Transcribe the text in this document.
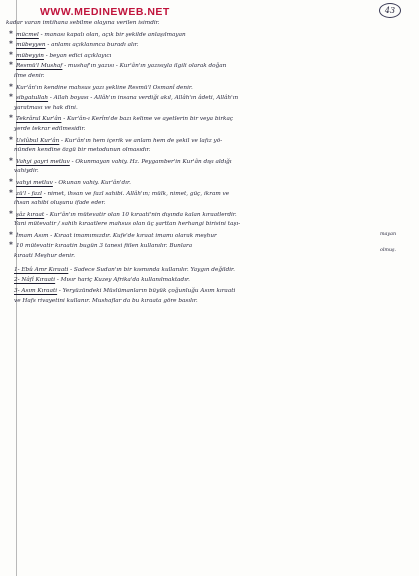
WWW.MEDINEWEB.NET	43
kadar varan imtihana sebilme olayına verilen isimdir.
* mücmel - manası kapalı olan, açık bir şekilde anlaşılmayan
* mübeyyen - anlamı açıklanınca buradı alır.
* mübeyyin - beyan edici açıklayıcı
* Resmü'l Mushaf - mushaf'ın yazısı - Kur'ân'ın yazısıyla ilgili olarak doğan
ilme denir.
* Kur'ân'ın kendine mahsus yazı şekline Resmü'l Osmanî denir.
* sibgatullah - Allah boyası - Allâh'ın insana verdiği akıl, Allâh'ın âdeti, Allâh'ın
yaratması ve hak dini.
* Tekrârul Kur'ân - Kur'ân-ı Kerîm'de bazı kelime ve ayetlerin bir veya birkaç
yerde tekrar edilmesidir.
* Uslûbul Kur'ân - Kur'ân'ın hem içerik ve anlam hem de şekil ve lafız yö-
nünden kendine özgü bir metodunun olmasıdır.
* Vahyi gayri metluv - Okunmayan vahiy. Hz. Peygamber'in Kur'ân dışı aldığı
vahiydir.
* vahyi metluv - Okunan vahiy. Kur'ân'dır.
* zü'l - fazl - nimet, ihsan ve fazl sahibi. Allâh'ın; mülk, nimet, güç, ikram ve
ihsan sahibi oluşunu ifade eder.
* şâz kıraat - Kur'ân'ın mütevatir olan 10 kıraati'nin dışında kalan kıraatlerdir.
Yani mütevatir / sahih kıraatlere mahsus olan üç şarttan herhangi birisini taşı-
* İmam Asım - Kıraat imamımızdır. Kufe'de kıraat imamı olarak meşhur
* 10 mütevatir kıraatin bugün 3 tanesi fiilen kullanılır. Bunlara
kıraati Meşhur denir.
1- Ebû Amr Kıraati - Sadece Sudan'ın bir kısmında kullanılır. Yaygın değildir.
2- Nâfî Kıraati - Mısır hariç Kuzey Afrika'da kullanılmaktadır.
3- Asım Kıraati - Yeryüzündeki Müslümanların büyük çoğunluğu Asım kıraati
ve Hafs rivayetini kullanır. Mushaflar da bu kıraata göre basılır.
mayan
olmuş.
